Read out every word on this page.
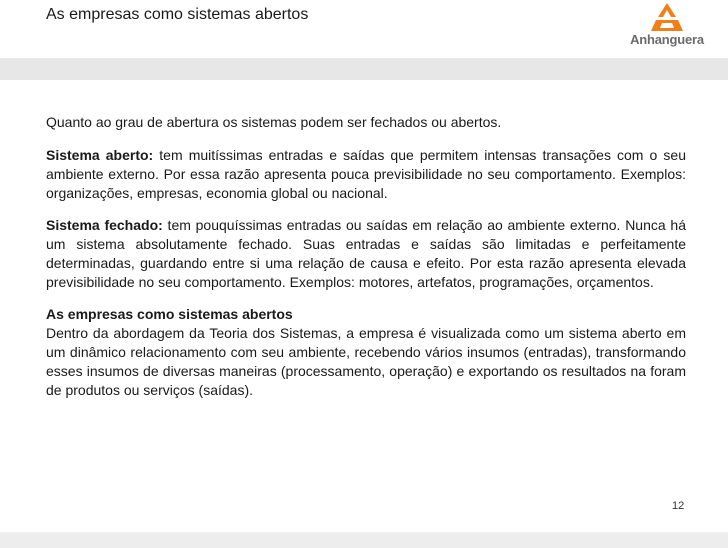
As empresas como sistemas abertos
Anhanguera

Quanto ao grau de abertura os sistemas podem ser fechados ou abertos.

Sistema aberto: tem muitíssimas entradas e saídas que permitem intensas transações com o seu ambiente externo. Por essa razão apresenta pouca previsibilidade no seu comportamento. Exemplos: organizações, empresas, economia global ou nacional.

Sistema fechado: tem pouquíssimas entradas ou saídas em relação ao ambiente externo. Nunca há um sistema absolutamente fechado. Suas entradas e saídas são limitadas e perfeitamente determinadas, guardando entre si uma relação de causa e efeito. Por esta razão apresenta elevada previsibilidade no seu comportamento. Exemplos: motores, artefatos, programações, orçamentos.

As empresas como sistemas abertos

Dentro da abordagem da Teoria dos Sistemas, a empresa é visualizada como um sistema aberto em um dinâmico relacionamento com seu ambiente, recebendo vários insumos (entradas), transformando esses insumos de diversas maneiras (processamento, operação) e exportando os resultados na foram de produtos ou serviços (saídas).

12
